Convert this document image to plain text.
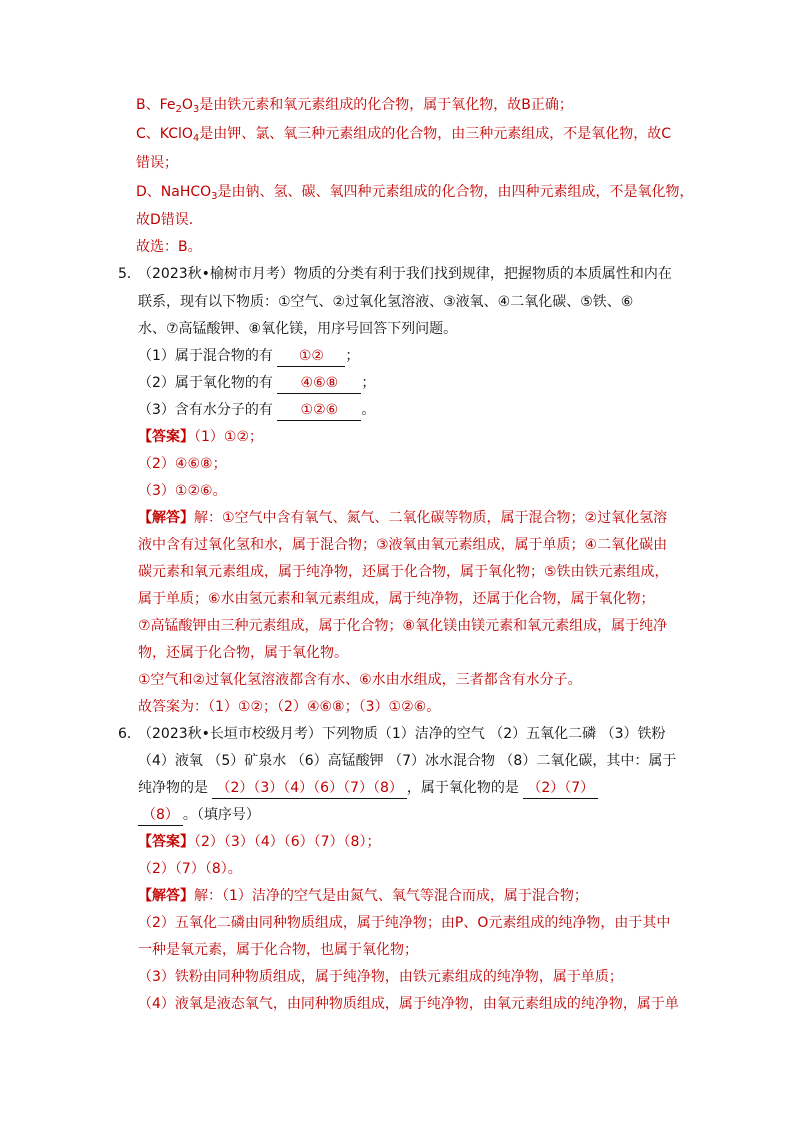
B、$Fe_2O_3$是由铁元素和氧元素组成的化合物，属于氧化物，故B正确；
C、KClO$_4$是由钾、氯、氧三种元素组成的化合物，由三种元素组成，不是氧化物，故C
错误；
D、NaHCO$_3$是由钠、氢、碳、氧四种元素组成的化合物，由四种元素组成，不是氧化物，
故D错误.
故选：B。
5．
（2023秋•榆树市月考）物质的分类有利于我们找到规律，把握物质的本质属性和内在
联系，现有以下物质：①空气、②过氧化氢溶液、③液氧、④二氧化碳、⑤铁、⑥
水、⑦高锰酸钾、⑧氧化镁，用序号回答下列问题。
（1）属于混合物的有 ①② ；
（2）属于氧化物的有 ④⑥⑧ ；
（3）含有水分子的有 ①②⑥ 。
【答案】（1）①②；
（2）④⑥⑧；
（3）①②⑥。
【解答】解：①空气中含有氧气、氮气、二氧化碳等物质，属于混合物；②过氧化氢溶
液中含有过氧化氢和水，属于混合物；③液氧由氧元素组成，属于单质；④二氧化碳由
碳元素和氧元素组成，属于纯净物，还属于化合物，属于氧化物；⑤铁由铁元素组成，
属于单质；⑥水由氢元素和氧元素组成，属于纯净物，还属于化合物，属于氧化物；
⑦高锰酸钾由三种元素组成，属于化合物；⑧氧化镁由镁元素和氧元素组成，属于纯净
物，还属于化合物，属于氧化物。
①空气和②过氧化氢溶液都含有水、⑥水由水组成，三者都含有水分子。
故答案为：（1）①②；（2）④⑥⑧；（3）①②⑥。
6．
（2023秋•长垣市校级月考）下列物质（1）洁净的空气 （2）五氧化二磷 （3）铁粉
（4）液氧 （5）矿泉水 （6）高锰酸钾 （7）冰水混合物 （8）二氧化碳，其中：属于
纯净物的是 （2）（3）（4）（6）（7）（8） ，属于氧化物的是 （2）（7）
（8） 。（填序号）
【答案】（2）（3）（4）（6）（7）（8）；
（2）（7）（8）。
【解答】解：（1）洁净的空气是由氮气、氧气等混合而成，属于混合物；
（2）五氧化二磷由同种物质组成，属于纯净物；由P、O元素组成的纯净物，由于其中
一种是氧元素，属于化合物，也属于氧化物；
（3）铁粉由同种物质组成，属于纯净物，由铁元素组成的纯净物，属于单质；
（4）液氧是液态氧气，由同种物质组成，属于纯净物，由氧元素组成的纯净物，属于单
